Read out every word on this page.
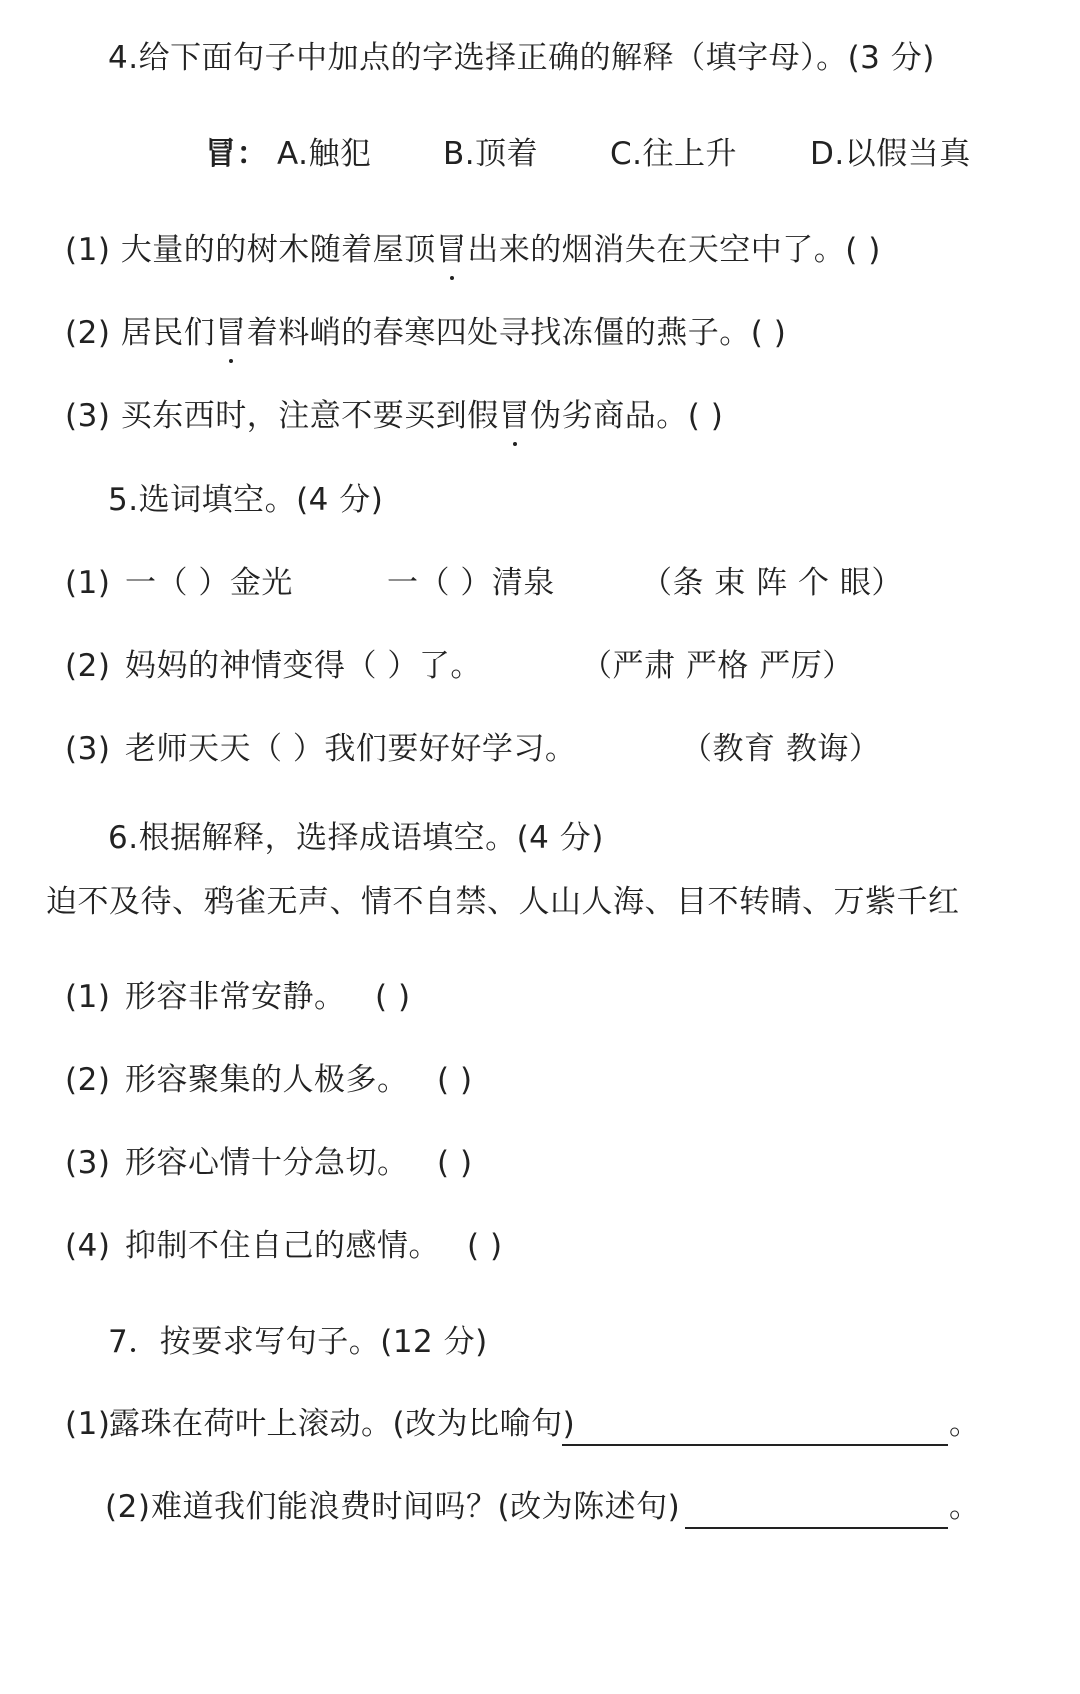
4.给下面句子中加点的字选择正确的解释（填字母）。(3 分)
冒： A.触犯 B.顶着 C.往上升 D.以假当真
(1) 大量的的树木随着屋顶冒出来的烟消失在天空中了。( )
(2) 居民们冒着料峭的春寒四处寻找冻僵的燕子。( )
(3) 买东西时，注意不要买到假冒伪劣商品。( )
5.选词填空。(4 分)
(1) 一（ ）金光	一（ ）清泉	（条 束 阵 个 眼）
(2) 妈妈的神情变得（ ）了。	（严肃 严格 严厉）
(3) 老师天天（ ）我们要好好学习。	（教育 教诲）
6.根据解释，选择成语填空。(4 分)
迫不及待、鸦雀无声、情不自禁、人山人海、目不转睛、万紫千红
(1) 形容非常安静。 ( )
(2) 形容聚集的人极多。 ( )
(3) 形容心情十分急切。 ( )
(4) 抑制不住自己的感情。 ( )
7．按要求写句子。(12 分)
(1)
露珠在荷叶上滚动。(改为比喻句)	。
(2) 难道我们能浪费时间吗？(改为陈述句)	。
